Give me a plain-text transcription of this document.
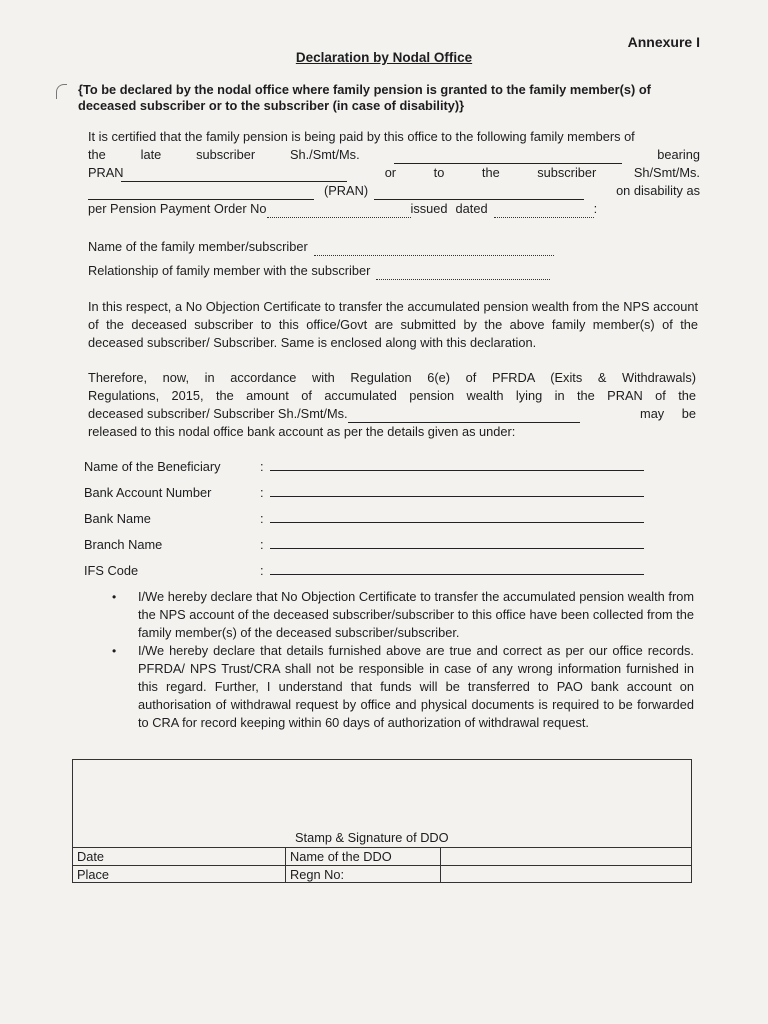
Annexure I
Declaration by Nodal Office
{To be declared by the nodal office where family pension is granted to the family member(s) of deceased subscriber or to the subscriber (in case of disability)}
It is certified that the family pension is being paid by this office to the following family members of
the	late	subscriber	Sh./Smt/Ms.	bearing
PRAN	or	to	the	subscriber	Sh/Smt/Ms.
(PRAN)	on disability as
per Pension Payment Order No	issued dated	:
Name of the family member/subscriber
Relationship of family member with the subscriber
In this respect, a No Objection Certificate to transfer the accumulated pension wealth from the NPS account of the deceased subscriber to this office/Govt are submitted by the above family member(s) of the deceased subscriber/ Subscriber. Same is enclosed along with this declaration.
Therefore, now, in accordance with Regulation 6(e) of PFRDA (Exits & Withdrawals)
Regulations, 2015, the amount of accumulated pension wealth lying in the PRAN of the
deceased subscriber/ Subscriber Sh./Smt/Ms.	may be
released to this nodal office bank account as per the details given as under:
Name of the Beneficiary	:
Bank Account Number	:
Bank Name	:
Branch Name	:
IFS Code	:
•	I/We hereby declare that No Objection Certificate to transfer the accumulated pension wealth from the NPS account of the deceased subscriber/subscriber to this office have been collected from the family member(s) of the deceased subscriber/subscriber.
•	I/We hereby declare that details furnished above are true and correct as per our office records. PFRDA/ NPS Trust/CRA shall not be responsible in case of any wrong information furnished in this regard. Further, I understand that funds will be transferred to PAO bank account on authorisation of withdrawal request by office and physical documents is required to be forwarded to CRA for record keeping within 60 days of authorization of withdrawal request.
Stamp & Signature of DDO
Date	Name of the DDO	
Place	Regn No:	
